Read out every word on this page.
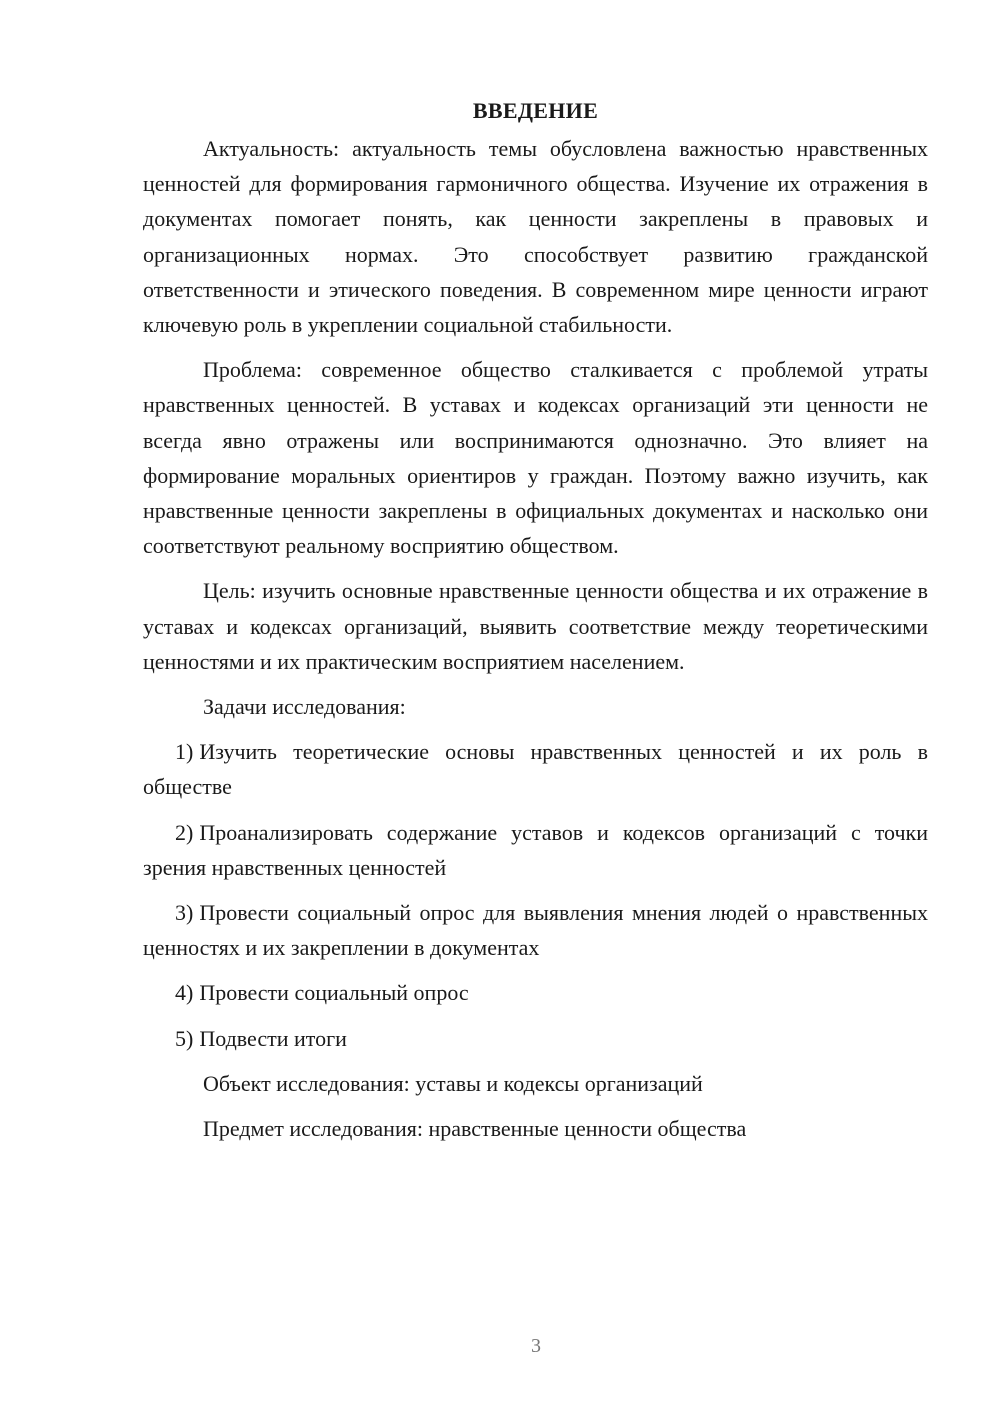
ВВЕДЕНИЕ

Актуальность: актуальность темы обусловлена важностью нравственных ценностей для формирования гармоничного общества. Изучение их отражения в документах помогает понять, как ценности закреплены в правовых и организационных нормах. Это способствует развитию гражданской ответственности и этического поведения. В современном мире ценности играют ключевую роль в укреплении социальной стабильности.

Проблема: современное общество сталкивается с проблемой утраты нравственных ценностей. В уставах и кодексах организаций эти ценности не всегда явно отражены или воспринимаются однозначно. Это влияет на формирование моральных ориентиров у граждан. Поэтому важно изучить, как нравственные ценности закреплены в официальных документах и насколько они соответствуют реальному восприятию обществом.

Цель: изучить основные нравственные ценности общества и их отражение в уставах и кодексах организаций, выявить соответствие между теоретическими ценностями и их практическим восприятием населением.

Задачи исследования:

1) Изучить теоретические основы нравственных ценностей и их роль в обществе

2) Проанализировать содержание уставов и кодексов организаций с точки зрения нравственных ценностей

3) Провести социальный опрос для выявления мнения людей о нравственных ценностях и их закреплении в документах

4) Провести социальный опрос

5) Подвести итоги

Объект исследования: уставы и кодексы организаций

Предмет исследования: нравственные ценности общества

3
